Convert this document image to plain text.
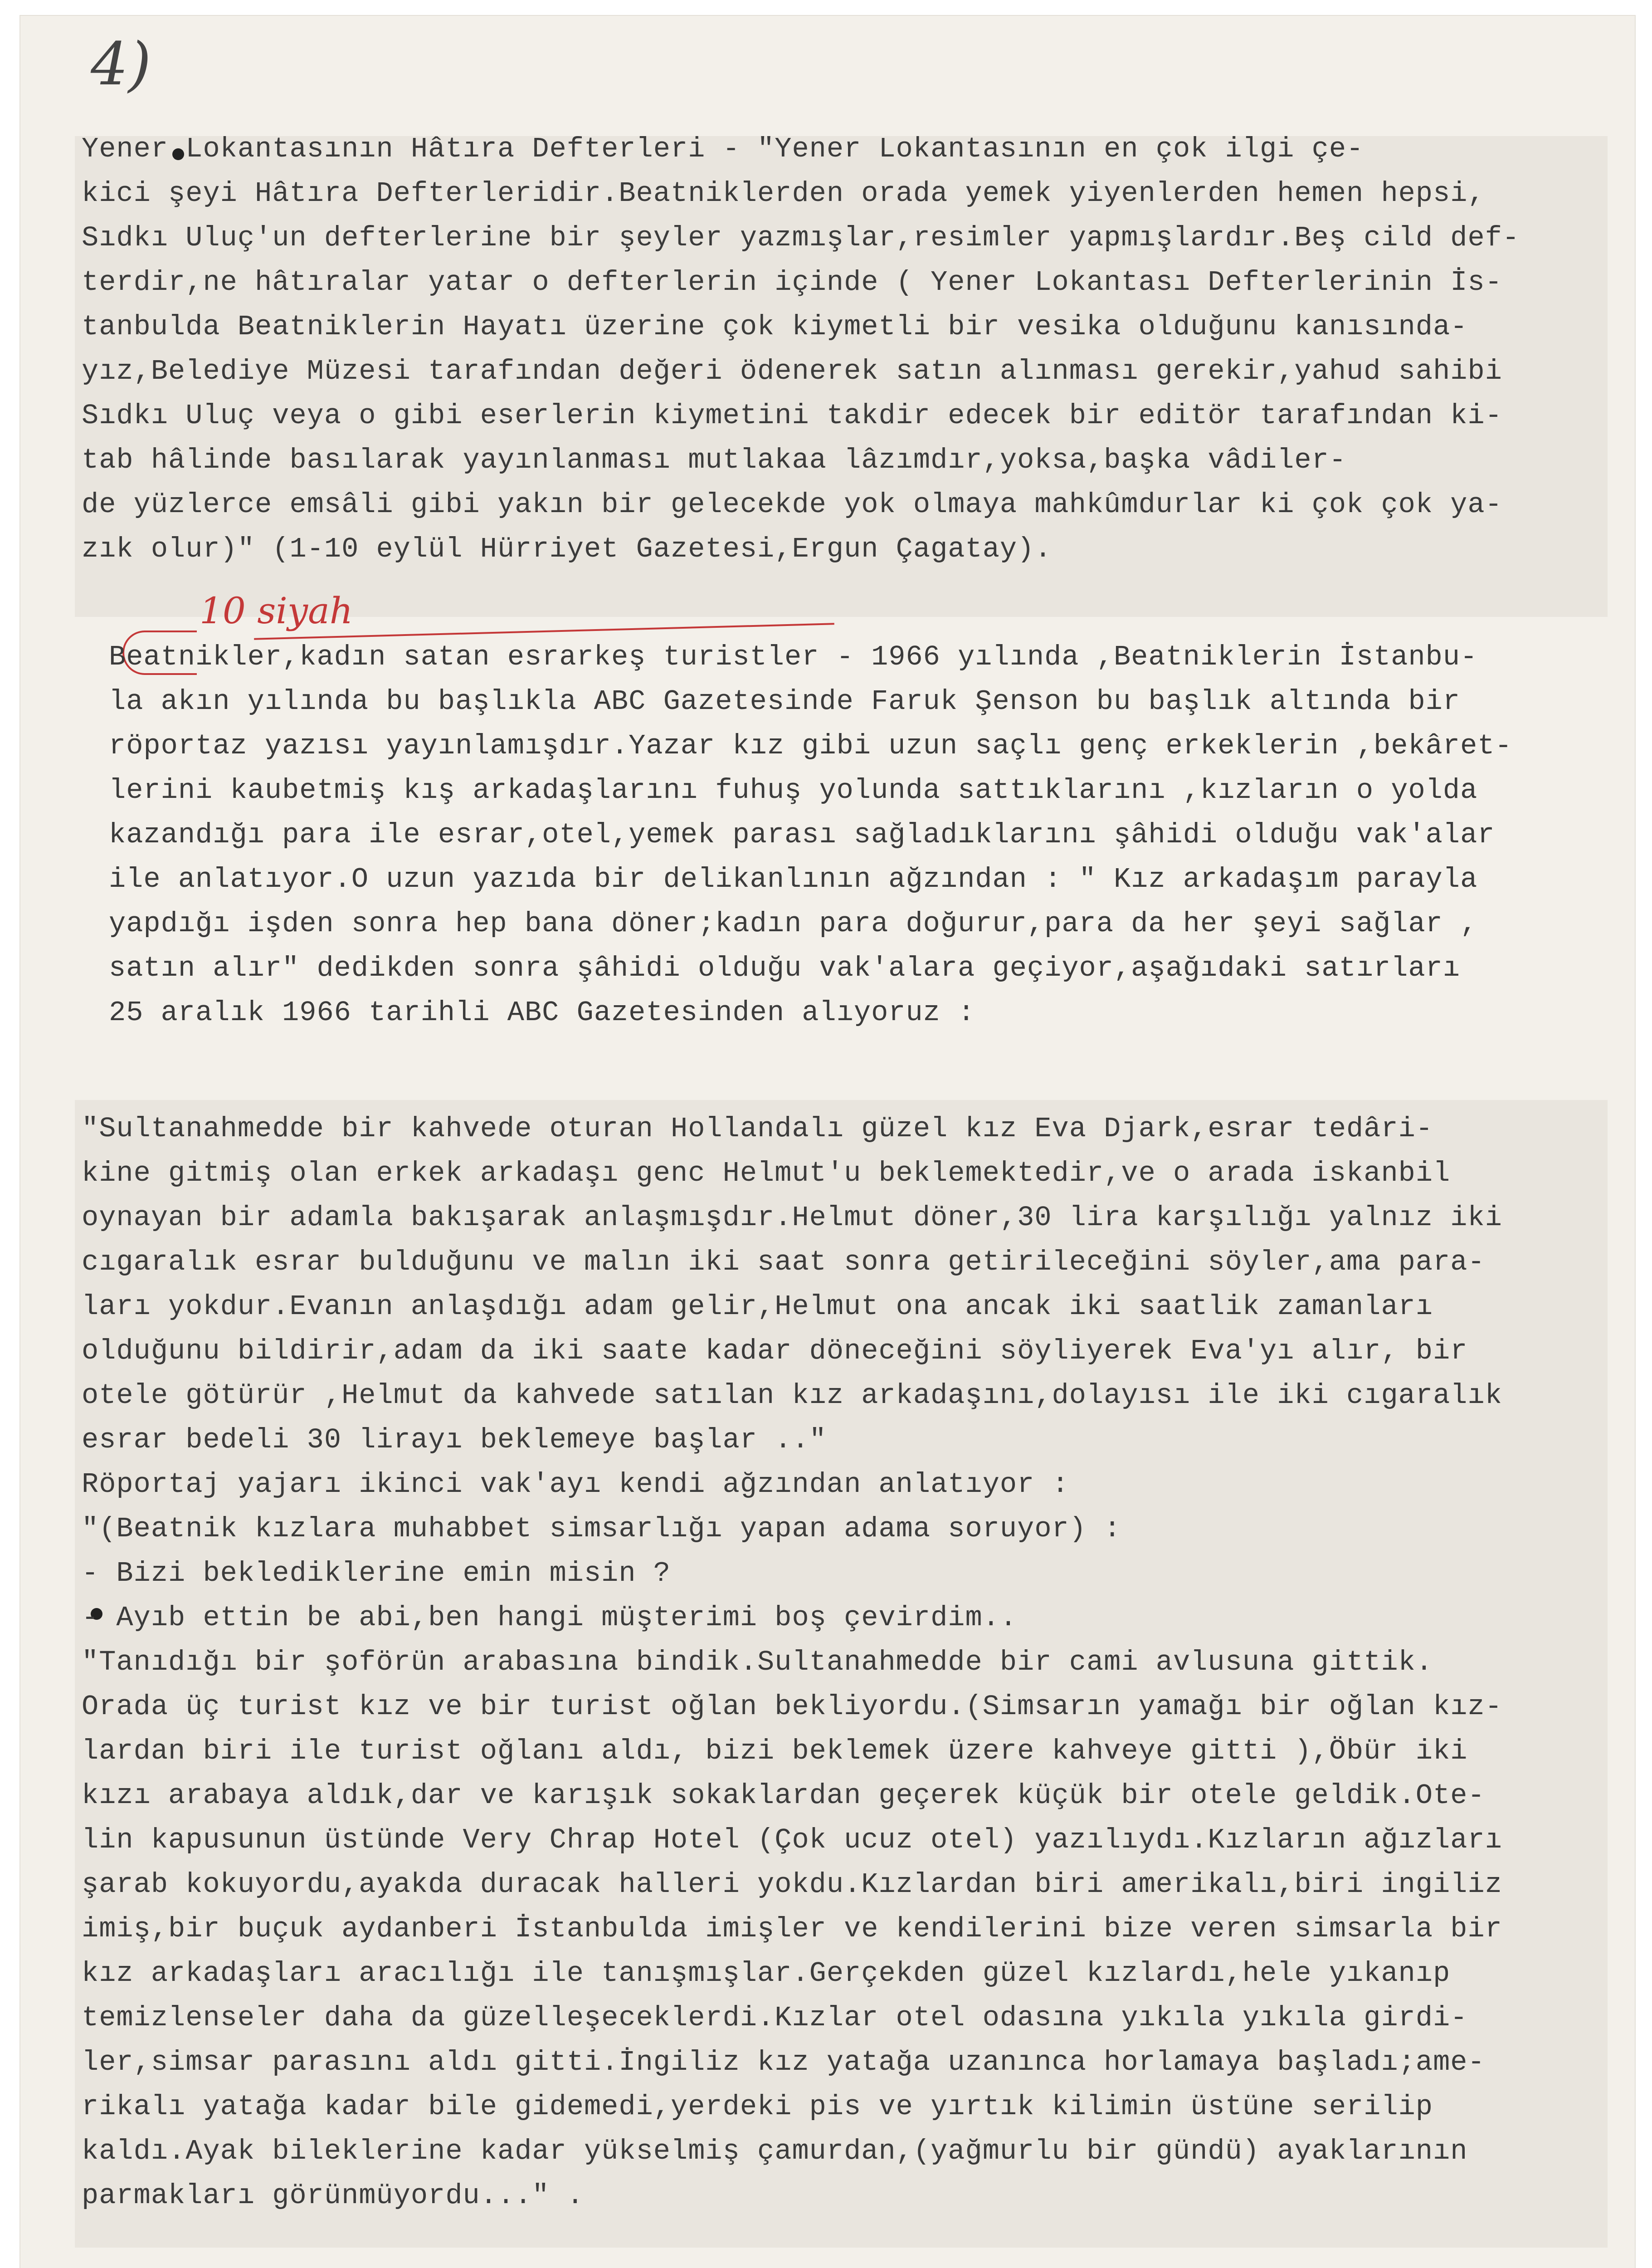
4)

Yener Lokantasının Hâtıra Defterleri - "Yener Lokantasının en çok ilgi çe-
kici şeyi Hâtıra Defterleridir.Beatniklerden orada yemek yiyenlerden hemen hepsi,
Sıdkı Uluç'un defterlerine bir şeyler yazmışlar,resimler yapmışlardır.Beş cild def-
terdir,ne hâtıralar yatar o defterlerin içinde ( Yener Lokantası Defterlerinin İs-
tanbulda Beatniklerin Hayatı üzerine çok kiymetli bir vesika olduğunu kanısında-
yız,Belediye Müzesi tarafından değeri ödenerek satın alınması gerekir,yahud sahibi
Sıdkı Uluç veya o gibi eserlerin kiymetini takdir edecek bir editör tarafından ki-
tab hâlinde basılarak yayınlanması mutlakaa lâzımdır,yoksa,başka vâdiler-
de yüzlerce emsâli gibi yakın bir gelecekde yok olmaya mahkûmdurlar ki çok çok ya-
zık olur)" (1-10 eylül Hürriyet Gazetesi,Ergun Çagatay).

10 siyah

Beatnikler,kadın satan esrarkeş turistler - 1966 yılında ,Beatniklerin İstanbu-
la akın yılında bu başlıkla ABC Gazetesinde Faruk Şenson bu başlık altında bir
röportaz yazısı yayınlamışdır.Yazar kız gibi uzun saçlı genç erkeklerin ,bekâret-
lerini kaubetmiş kış arkadaşlarını fuhuş yolunda sattıklarını ,kızların o yolda
kazandığı para ile esrar,otel,yemek parası sağladıklarını şâhidi olduğu vak'alar
ile anlatıyor.O uzun yazıda bir delikanlının ağzından : " Kız arkadaşım parayla
yapdığı işden sonra hep bana döner;kadın para doğurur,para da her şeyi sağlar ,
satın alır" dedikden sonra şâhidi olduğu vak'alara geçiyor,aşağıdaki satırları
25 aralık 1966 tarihli ABC Gazetesinden alıyoruz :

"Sultanahmedde bir kahvede oturan Hollandalı güzel kız Eva Djark,esrar tedâri-
kine gitmiş olan erkek arkadaşı genc Helmut'u beklemektedir,ve o arada iskanbil
oynayan bir adamla bakışarak anlaşmışdır.Helmut döner,30 lira karşılığı yalnız iki
cıgaralık esrar bulduğunu ve malın iki saat sonra getirileceğini söyler,ama para-
ları yokdur.Evanın anlaşdığı adam gelir,Helmut ona ancak iki saatlik zamanları
olduğunu bildirir,adam da iki saate kadar döneceğini söyliyerek Eva'yı alır, bir
otele götürür ,Helmut da kahvede satılan kız arkadaşını,dolayısı ile iki cıgaralık
esrar bedeli 30 lirayı beklemeye başlar .."
Röportaj yajarı ikinci vak'ayı kendi ağzından anlatıyor :
"(Beatnik kızlara muhabbet simsarlığı yapan adama soruyor) :
- Bizi beklediklerine emin misin ?
- Ayıb ettin be abi,ben hangi müşterimi boş çevirdim..
"Tanıdığı bir şoförün arabasına bindik.Sultanahmedde bir cami avlusuna gittik.
Orada üç turist kız ve bir turist oğlan bekliyordu.(Simsarın yamağı bir oğlan kız-
lardan biri ile turist oğlanı aldı, bizi beklemek üzere kahveye gitti ),Öbür iki
kızı arabaya aldık,dar ve karışık sokaklardan geçerek küçük bir otele geldik.Ote-
lin kapusunun üstünde Very Chrap Hotel (Çok ucuz otel) yazılıydı.Kızların ağızları
şarab kokuyordu,ayakda duracak halleri yokdu.Kızlardan biri amerikalı,biri ingiliz
imiş,bir buçuk aydanberi İstanbulda imişler ve kendilerini bize veren simsarla bir
kız arkadaşları aracılığı ile tanışmışlar.Gerçekden güzel kızlardı,hele yıkanıp
temizlenseler daha da güzelleşeceklerdi.Kızlar otel odasına yıkıla yıkıla girdi-
ler,simsar parasını aldı gitti.İngiliz kız yatağa uzanınca horlamaya başladı;ame-
rikalı yatağa kadar bile gidemedi,yerdeki pis ve yırtık kilimin üstüne serilip
kaldı.Ayak bileklerine kadar yükselmiş çamurdan,(yağmurlu bir gündü) ayaklarının
parmakları görünmüyordu..." .
